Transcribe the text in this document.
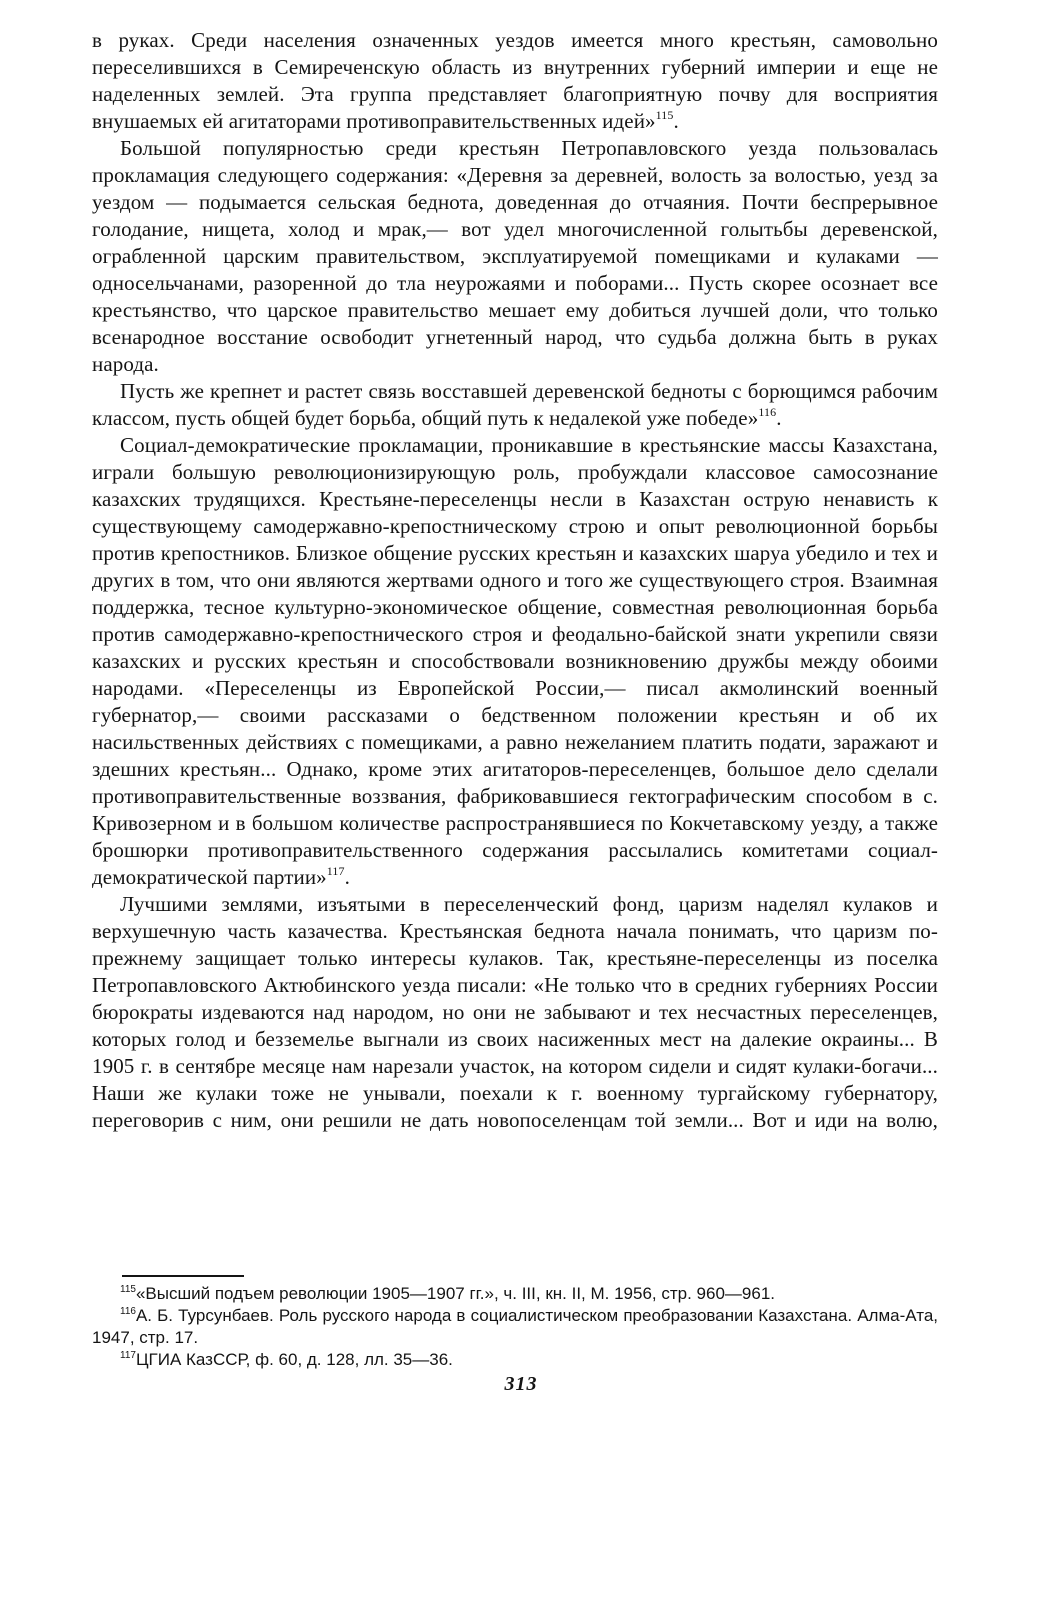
в руках. Среди населения означенных уездов имеется много крестьян, самовольно переселившихся в Семиреченскую область из внутренних губерний империи и еще не наделенных землей. Эта группа представляет благоприятную почву для восприятия внушаемых ей агитаторами противоправительственных идей»$^{115}$.

Большой популярностью среди крестьян Петропавловского уезда пользовалась прокламация следующего содержания: «Деревня за деревней, волость за волостью, уезд за уездом — подымается сельская беднота, доведенная до отчаяния. Почти беспрерывное голодание, нищета, холод и мрак,— вот удел многочисленной голытьбы деревенской, ограбленной царским правительством, эксплуатируемой помещиками и кулаками — односельчанами, разоренной до тла неурожаями и поборами... Пусть скорее осознает все крестьянство, что царское правительство мешает ему добиться лучшей доли, что только всенародное восстание освободит угнетенный народ, что судьба должна быть в руках народа.

Пусть же крепнет и растет связь восставшей деревенской бедноты с борющимся рабочим классом, пусть общей будет борьба, общий путь к недалекой уже победе»$^{116}$.

Социал-демократические прокламации, проникавшие в крестьянские массы Казахстана, играли большую революционизирующую роль, пробуждали классовое самосознание казахских трудящихся. Крестьяне-переселенцы несли в Казахстан острую ненависть к существующему самодержавно-крепостническому строю и опыт революционной борьбы против крепостников. Близкое общение русских крестьян и казахских шаруа убедило и тех и других в том, что они являются жертвами одного и того же существующего строя. Взаимная поддержка, тесное культурно-экономическое общение, совместная революционная борьба против самодержавно-крепостнического строя и феодально-байской знати укрепили связи казахских и русских крестьян и способствовали возникновению дружбы между обоими народами. «Переселенцы из Европейской России,— писал акмолинский военный губернатор,— своими рассказами о бедственном положении крестьян и об их насильственных действиях с помещиками, а равно нежеланием платить подати, заражают и здешних крестьян... Однако, кроме этих агитаторов-переселенцев, большое дело сделали противоправительственные воззвания, фабриковавшиеся гектографическим способом в с. Кривозерном и в большом количестве распространявшиеся по Кокчетавскому уезду, а также брошюрки противоправительственного содержания рассылались комитетами социал-демократической партии»$^{117}$.

Лучшими землями, изъятыми в переселенческий фонд, царизм наделял кулаков и верхушечную часть казачества. Крестьянская беднота начала понимать, что царизм по-прежнему защищает только интересы кулаков. Так, крестьяне-переселенцы из поселка Петропавловского Актюбинского уезда писали: «Не только что в средних губерниях России бюрократы издеваются над народом, но они не забывают и тех несчастных переселенцев, которых голод и безземелье выгнали из своих насиженных мест на далекие окраины... В 1905 г. в сентябре месяце нам нарезали участок, на котором сидели и сидят кулаки-богачи... Наши же кулаки тоже не унывали, поехали к г. военному тургайскому губернатору, переговорив с ним, они решили не дать новопоселенцам той земли... Вот и иди на волю,

$^{115}$«Высший подъем революции 1905—1907 гг.», ч. III, кн. II, М. 1956, стр. 960—961.

$^{116}$А. Б. Турсунбаев. Роль русского народа в социалистическом преобразовании Казахстана. Алма-Ата, 1947, стр. 17.

$^{117}$ЦГИА КазССР, ф. 60, д. 128, лл. 35—36.

313
